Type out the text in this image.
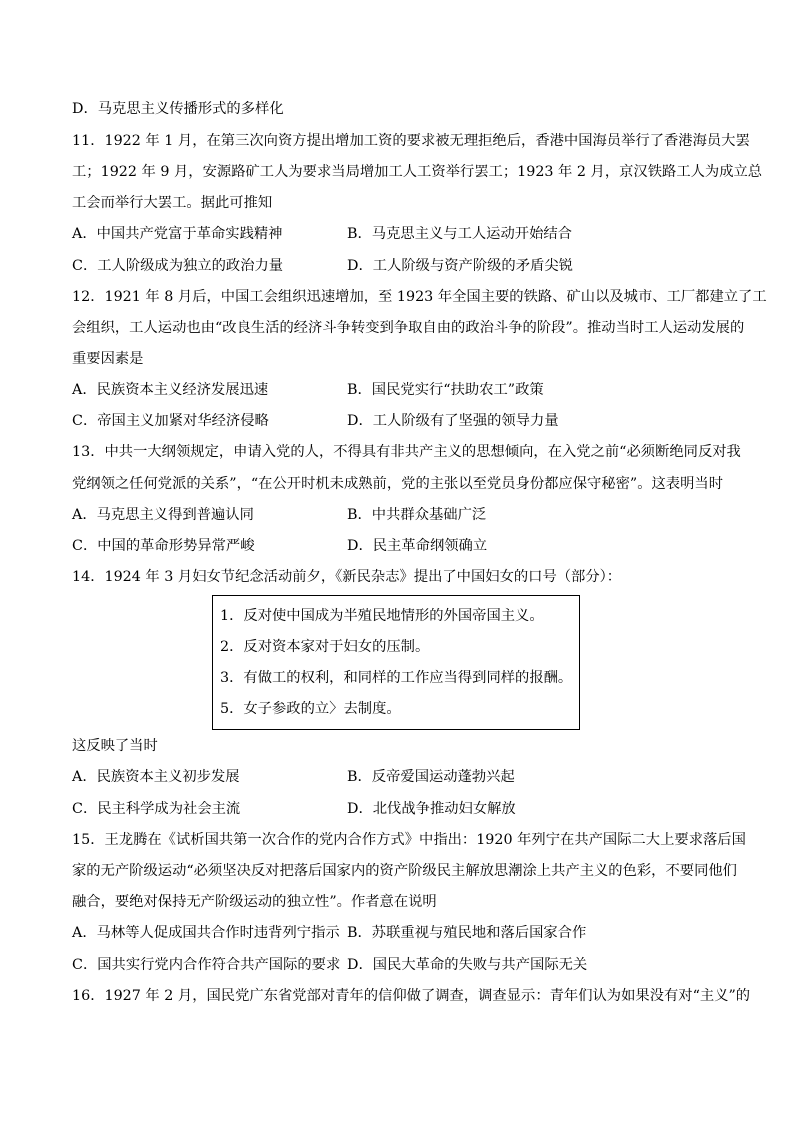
D．马克思主义传播形式的多样化
11．1922 年 1 月，在第三次向资方提出增加工资的要求被无理拒绝后，香港中国海员举行了香港海员大罢
工；1922 年 9 月，安源路矿工人为要求当局增加工人工资举行罢工；1923 年 2 月，京汉铁路工人为成立总
工会而举行大罢工。据此可推知
A．中国共产党富于革命实践精神	B．马克思主义与工人运动开始结合
C．工人阶级成为独立的政治力量	D．工人阶级与资产阶级的矛盾尖锐
12．1921 年 8 月后，中国工会组织迅速增加，至 1923 年全国主要的铁路、矿山以及城市、工厂都建立了工
会组织，工人运动也由“改良生活的经济斗争转变到争取自由的政治斗争的阶段”。推动当时工人运动发展的
重要因素是
A．民族资本主义经济发展迅速	B．国民党实行“扶助农工”政策
C．帝国主义加紧对华经济侵略	D．工人阶级有了坚强的领导力量
13．中共一大纲领规定，申请入党的人，不得具有非共产主义的思想倾向，在入党之前“必须断绝同反对我
党纲领之任何党派的关系”，“在公开时机未成熟前，党的主张以至党员身份都应保守秘密”。这表明当时
A．马克思主义得到普遍认同	B．中共群众基础广泛
C．中国的革命形势异常严峻	D．民主革命纲领确立
14．1924 年 3 月妇女节纪念活动前夕，《新民杂志》提出了中国妇女的口号（部分）：
1．反对使中国成为半殖民地情形的外国帝国主义。
2．反对资本家对于妇女的压制。
3．有做工的权利，和同样的工作应当得到同样的报酬。
5．女子参政的立〉去制度。
这反映了当时
A．民族资本主义初步发展	B．反帝爱国运动蓬勃兴起
C．民主科学成为社会主流	D．北伐战争推动妇女解放
15．王龙腾在《试析国共第一次合作的党内合作方式》中指出：1920 年列宁在共产国际二大上要求落后国
家的无产阶级运动“必须坚决反对把落后国家内的资产阶级民主解放思潮涂上共产主义的色彩，不要同他们
融合，要绝对保持无产阶级运动的独立性”。作者意在说明
A．马林等人促成国共合作时违背列宁指示 B．苏联重视与殖民地和落后国家合作
C．国共实行党内合作符合共产国际的要求 D．国民大革命的失败与共产国际无关
16．1927 年 2 月，国民党广东省党部对青年的信仰做了调查，调查显示：青年们认为如果没有对“主义”的
